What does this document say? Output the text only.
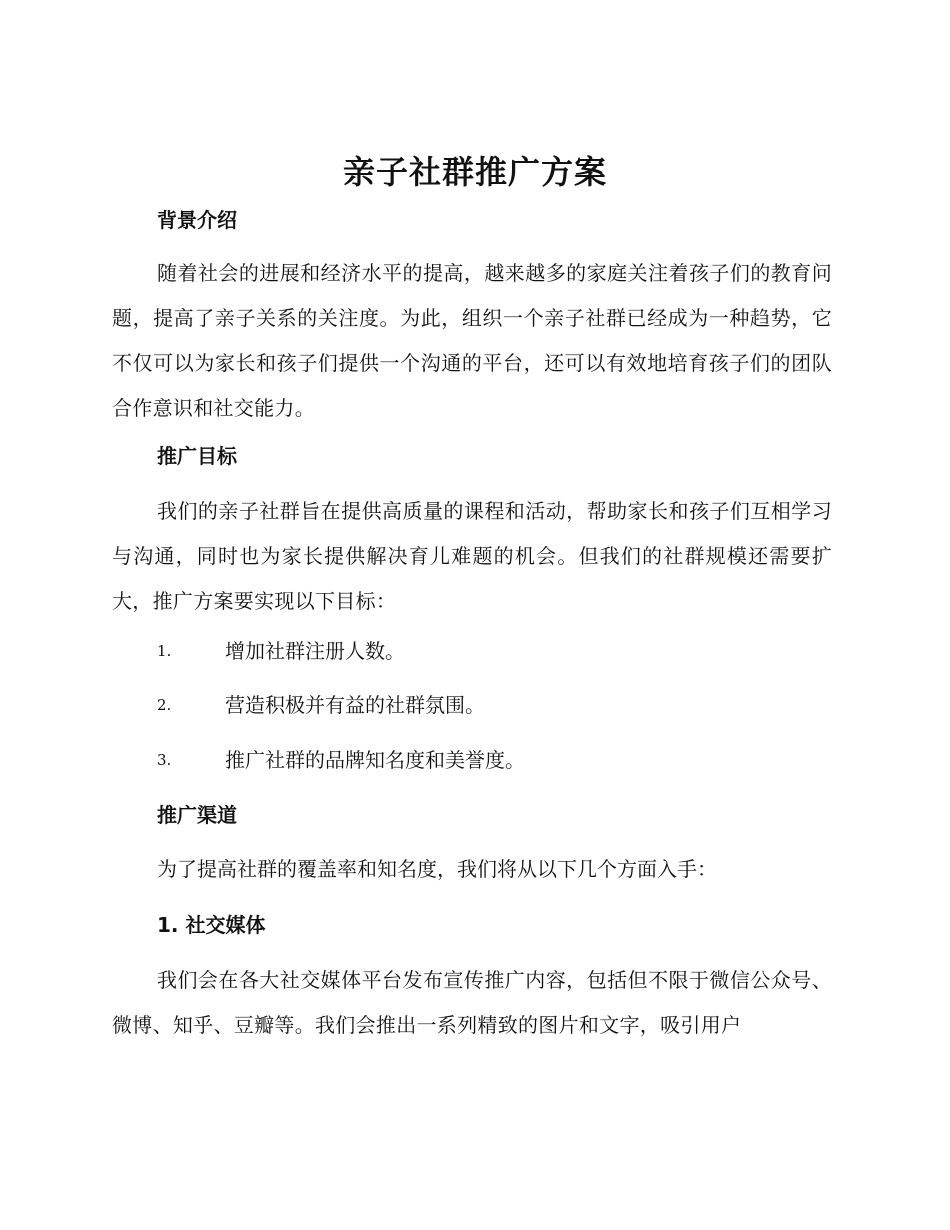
亲子社群推广方案
背景介绍

随着社会的进展和经济水平的提高，越来越多的家庭关注着孩子们的教育问题，提高了亲子关系的关注度。为此，组织一个亲子社群已经成为一种趋势，它不仅可以为家长和孩子们提供一个沟通的平台，还可以有效地培育孩子们的团队合作意识和社交能力。

推广目标

我们的亲子社群旨在提供高质量的课程和活动，帮助家长和孩子们互相学习与沟通，同时也为家长提供解决育儿难题的机会。但我们的社群规模还需要扩大，推广方案要实现以下目标：

1.	增加社群注册人数。
2.	营造积极并有益的社群氛围。
3.	推广社群的品牌知名度和美誉度。
推广渠道

为了提高社群的覆盖率和知名度，我们将从以下几个方面入手：

1. 社交媒体

我们会在各大社交媒体平台发布宣传推广内容，包括但不限于微信公众号、微博、知乎、豆瓣等。我们会推出一系列精致的图片和文字，吸引用户
